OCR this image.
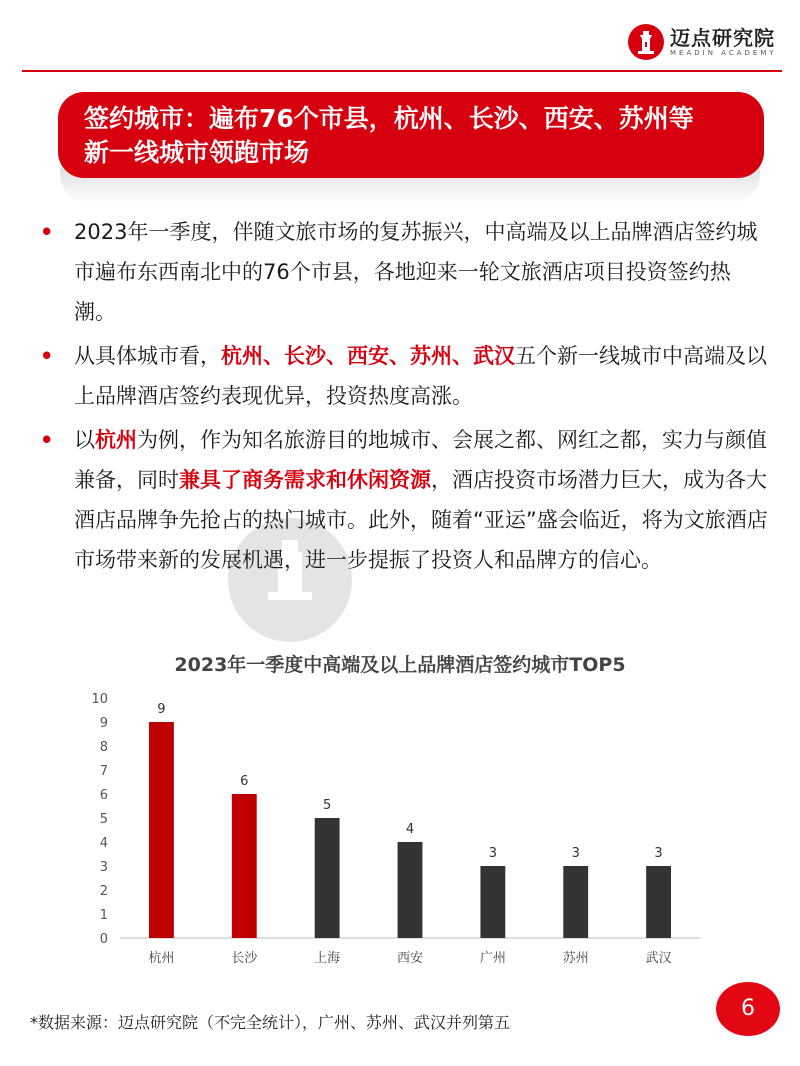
迈点研究院
MEADIN ACADEMY
签约城市：遍布76个市县，杭州、长沙、西安、苏州等
新一线城市领跑市场
• 2023年一季度，伴随文旅市场的复苏振兴，中高端及以上品牌酒店签约城市遍布东西南北中的76个市县，各地迎来一轮文旅酒店项目投资签约热潮。
• 从具体城市看，杭州、长沙、西安、苏州、武汉五个新一线城市中高端及以上品牌酒店签约表现优异，投资热度高涨。
• 以杭州为例，作为知名旅游目的地城市、会展之都、网红之都，实力与颜值兼备，同时兼具了商务需求和休闲资源，酒店投资市场潜力巨大，成为各大酒店品牌争先抢占的热门城市。此外，随着“亚运”盛会临近，将为文旅酒店市场带来新的发展机遇，进一步提振了投资人和品牌方的信心。
2023年一季度中高端及以上品牌酒店签约城市TOP5
0
1
2
3
4
5
6
7
8
9
10
9
杭州
6
长沙
5
上海
4
西安
3
广州
3
苏州
3
武汉
*数据来源：迈点研究院（不完全统计），广州、苏州、武汉并列第五
6
